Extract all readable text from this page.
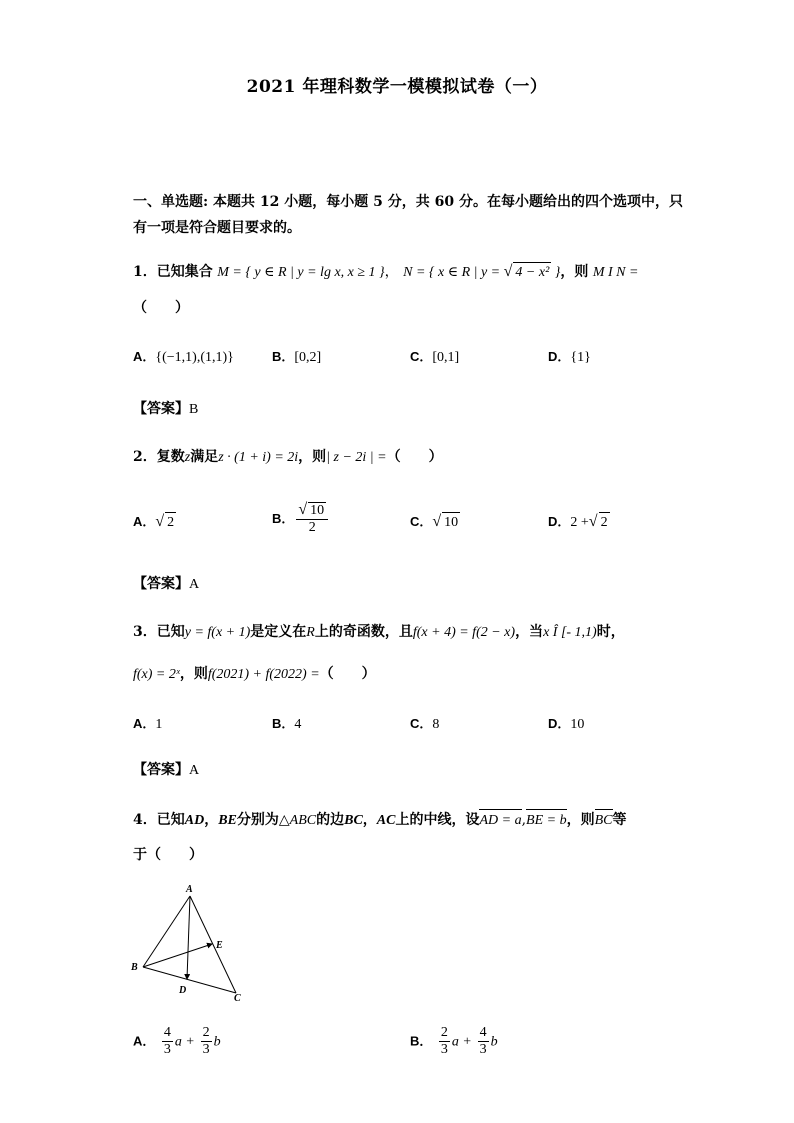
2021 年理科数学一模模拟试卷（一）
一、单选题: 本题共 12 小题，每小题 5 分，共 60 分。在每小题给出的四个选项中，只
有一项是符合题目要求的。
1．已知集合 M = { y ∈ R | y = lg x, x ≥ 1 }， N = { x ∈ R | y = √ 4 − x² }，则 M I N =
（　　）
A．{(−1,1),(1,1)}	B．[0,2]	C．[0,1]	D．{1}
【答案】B
2．复数z满足z · (1 + i) = 2i，则| z − 2i | =（　　）
A．√ 2	B． $\frac{√ 10}{2}$	C．√ 10	D．2 +√ 2
【答案】A
3．已知y = f(x + 1)是定义在R上的奇函数，且f(x + 4) = f(2 − x)，当x Î [- 1,1)时，
f(x) = 2ˣ，则f(2021) + f(2022) =（　　）
A．1	B．4	C．8	D．10
【答案】A
4．已知AD，BE分别为△ABC的边BC，AC上的中线，设AD = a,BE = b，则BC等
于（　　）
A
B
C
D
E
A． $\frac{4}{3}$ $a + \frac{2}{3}$ b	B． $\frac{2}{3}$ $a + \frac{4}{3}$ b
